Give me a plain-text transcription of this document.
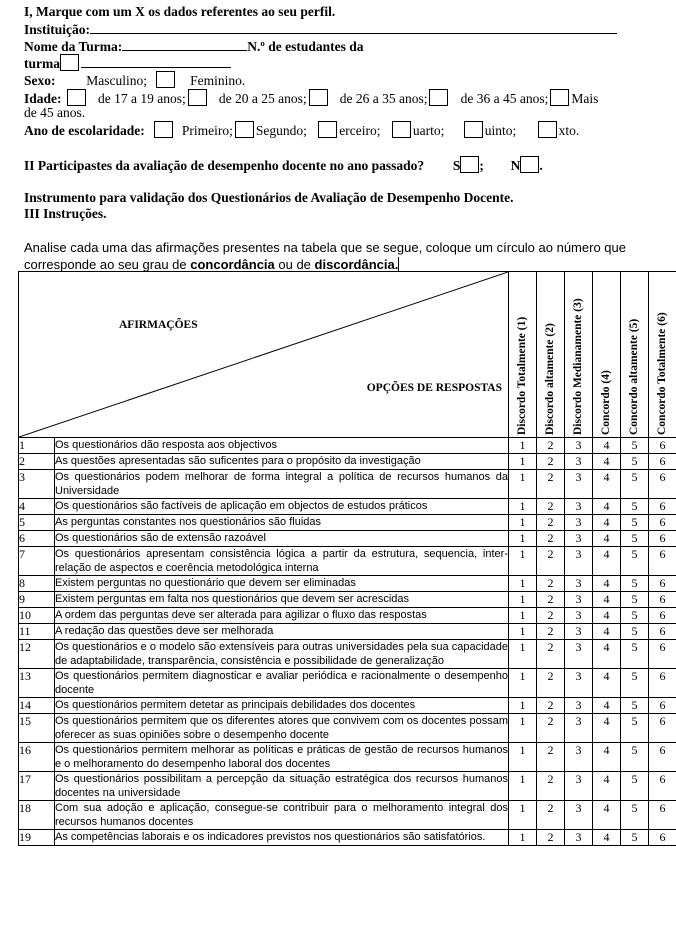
I, Marque com um X os dados referentes ao seu perfil.
Instituição:
Nome da Turma:	N.º de estudantes da
turma
Sexo: Masculino;	Feminino.
Idade:	de 17 a 19 anos; de 20 a 25 anos; de 26 a 35 anos; de 36 a 45 anos; Mais
de 45 anos.
Ano de escolaridade:	Primeiro; Segundo; erceiro; uarto;	uinto;	xto.
II Participastes da avaliação de desempenho docente no ano passado? S ; N .
Instrumento para validação dos Questionários de Avaliação de Desempenho Docente.
III Instruções.
Analise cada uma das afirmações presentes na tabela que se segue, coloque um círculo ao número que
corresponde ao seu grau de concordância ou de discordância.
AFIRMAÇÕES
OPÇÕES DE RESPOSTAS		Discordo Totalmente (1)	Discordo altamente (2)	Discordo Medianamente (3)	Concordo (4)	Concordo altamente (5)	Concordo Totalmente (6)

1	Os questionários dão resposta aos objectivos	1	2	3	4	5	6
2	As questões apresentadas são suficentes para o propósito da investigação	1	2	3	4	5	6
3	Os questionários podem melhorar de forma integral a política de recursos humanos da Universidade	1	2	3	4	5	6
4	Os questionários são factíveis de aplicação em objectos de estudos práticos	1	2	3	4	5	6
5	As perguntas constantes nos questionários são fluidas	1	2	3	4	5	6
6	Os questionários são de extensão razoável	1	2	3	4	5	6
7	Os questionários apresentam consistência lógica a partir da estrutura, sequencia, inter-relação de aspectos e coerência metodológica interna	1	2	3	4	5	6
8	Existem perguntas no questionário que devem ser eliminadas	1	2	3	4	5	6
9	Existem perguntas em falta nos questionários que devem ser acrescidas	1	2	3	4	5	6
10	A ordem das perguntas deve ser alterada para agilizar o fluxo das respostas	1	2	3	4	5	6
11	A redação das questões deve ser melhorada	1	2	3	4	5	6
12	Os questionários e o modelo são extensíveis para outras universidades pela sua capacidade de adaptabilidade, transparência, consistência e possibilidade de generalização	1	2	3	4	5	6
13	Os questionários permitem diagnosticar e avaliar periódica e racionalmente o desempenho docente	1	2	3	4	5	6
14	Os questionários permitem detetar as principais debilidades dos docentes	1	2	3	4	5	6
15	Os questionários permitem que os diferentes atores que convivem com os docentes possam oferecer as suas opiniões sobre o desempenho docente	1	2	3	4	5	6
16	Os questionários permitem melhorar as políticas e práticas de gestão de recursos humanos e o melhoramento do desempenho laboral dos docentes	1	2	3	4	5	6
17	Os questionários possibilitam a percepção da situação estratégica dos recursos humanos docentes na universidade	1	2	3	4	5	6
18	Com sua adoção e aplicação, consegue-se contribuir para o melhoramento integral dos recursos humanos docentes	1	2	3	4	5	6
19	As competências laborais e os indicadores previstos nos questionários são satisfatórios.	1	2	3	4	5	6
